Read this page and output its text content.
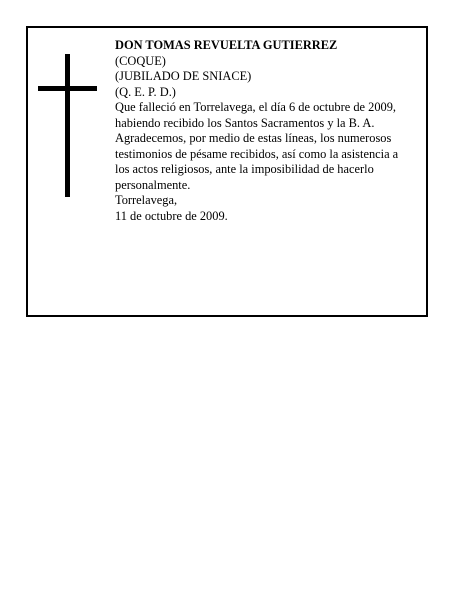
DON TOMAS REVUELTA GUTIERREZ
(COQUE)
(JUBILADO DE SNIACE)
(Q. E. P. D.)
Que falleció en Torrelavega, el día 6 de octubre de 2009, habiendo recibido los Santos Sacramentos y la B. A.
Agradecemos, por medio de estas líneas, los numerosos testimonios de pésame recibidos, así como la asistencia a los actos religiosos, ante la imposibilidad de hacerlo personalmente.
Torrelavega,
11 de octubre de 2009.
